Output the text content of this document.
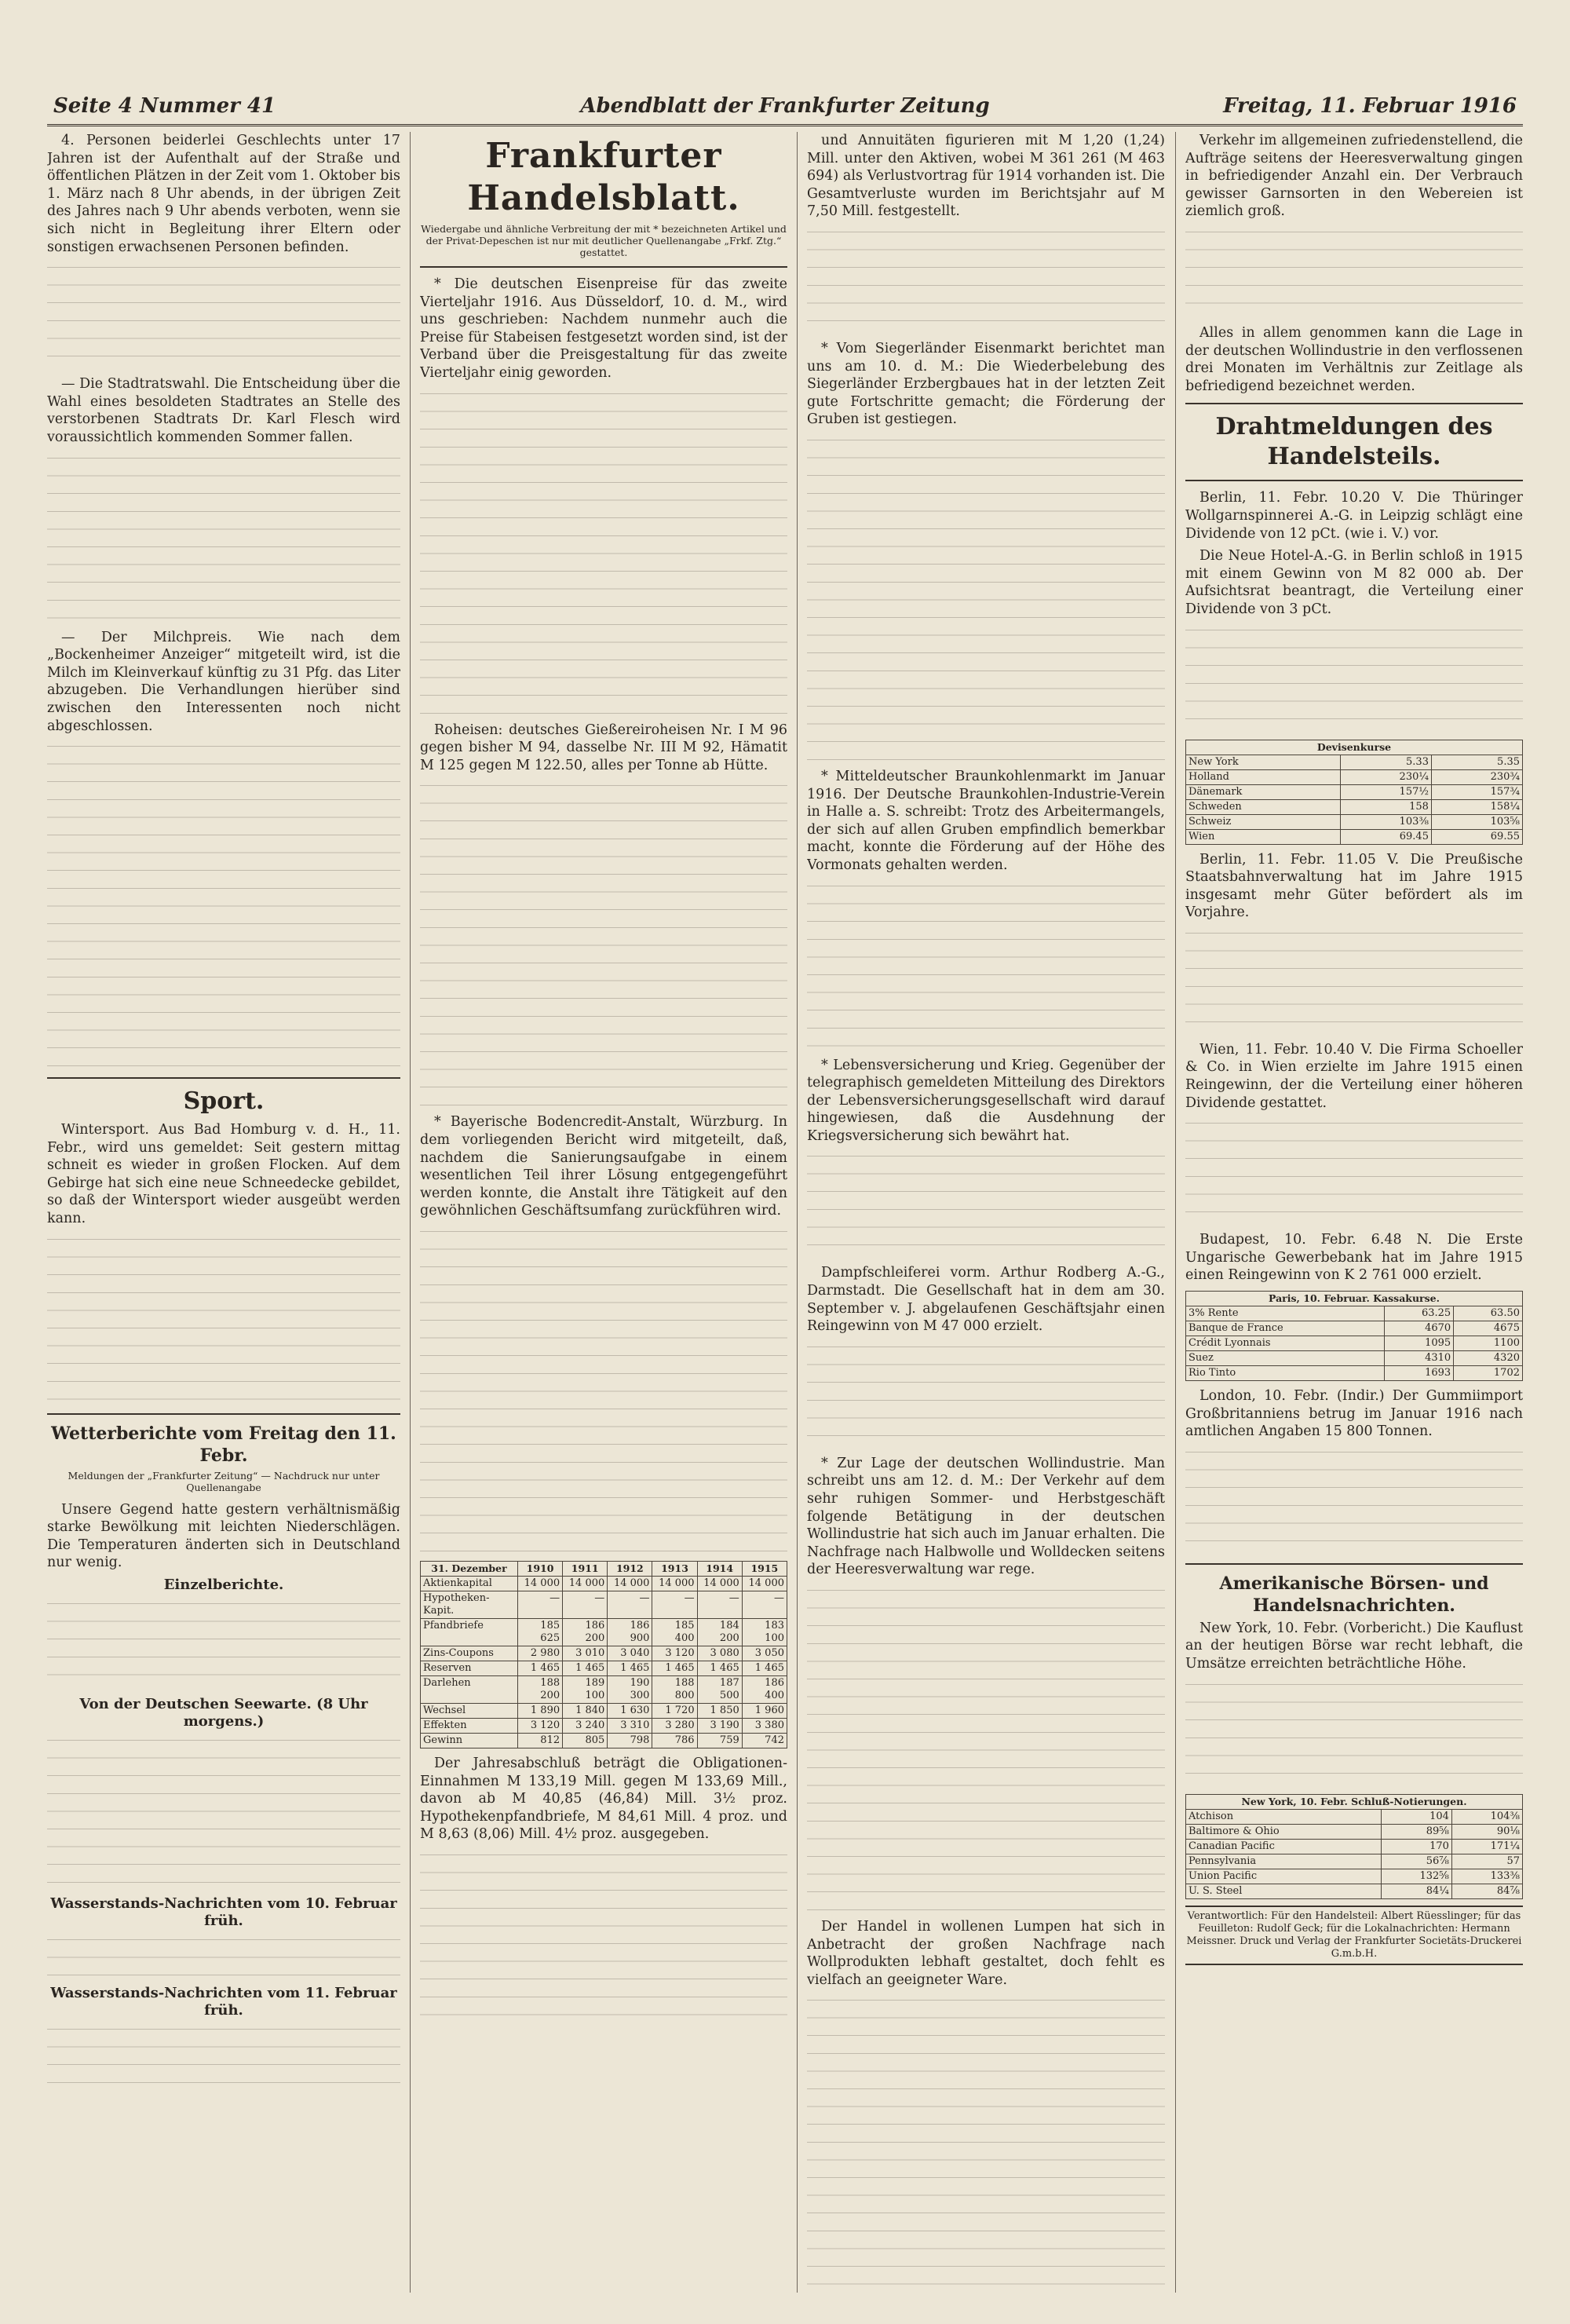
Seite 4 Nummer 41	Abendblatt der Frankfurter Zeitung	Freitag, 11. Februar 1916

4. Personen beiderlei Geschlechts unter 17 Jahren ist der Aufenthalt auf der Straße und öffentlichen Plätzen in der Zeit vom 1. Oktober bis 1. März nach 8 Uhr abends, in der übrigen Zeit des Jahres nach 9 Uhr abends verboten, wenn sie sich nicht in Begleitung ihrer Eltern oder sonstigen erwachsenen Personen befinden.

— Die Stadtratswahl. Die Entscheidung über die Wahl eines besoldeten Stadtrates an Stelle des verstorbenen Stadtrats Dr. Karl Flesch wird voraussichtlich kommenden Sommer fallen.

— Der Milchpreis. Wie nach dem „Bockenheimer Anzeiger“ mitgeteilt wird, ist die Milch im Kleinverkauf künftig zu 31 Pfg. das Liter abzugeben. Die Verhandlungen hierüber sind zwischen den Interessenten noch nicht abgeschlossen.

Sport.

Wintersport. Aus Bad Homburg v. d. H., 11. Febr., wird uns gemeldet: Seit gestern mittag schneit es wieder in großen Flocken. Auf dem Gebirge hat sich eine neue Schneedecke gebildet, so daß der Wintersport wieder ausgeübt werden kann.

Wetterberichte vom Freitag den 11. Febr.
Meldungen der „Frankfurter Zeitung“ — Nachdruck nur unter Quellenangabe

Unsere Gegend hatte gestern verhältnismäßig starke Bewölkung mit leichten Niederschlägen. Die Temperaturen änderten sich in Deutschland nur wenig.

Einzelberichte.
Von der Deutschen Seewarte. (8 Uhr morgens.)
Wasserstands-Nachrichten vom 10. Februar früh.
Wasserstands-Nachrichten vom 11. Februar früh.
Frankfurter Handelsblatt.
Wiedergabe und ähnliche Verbreitung der mit * bezeichneten Artikel und der Privat-Depeschen ist nur mit deutlicher Quellenangabe „Frkf. Ztg.“ gestattet.

* Die deutschen Eisenpreise für das zweite Vierteljahr 1916. Aus Düsseldorf, 10. d. M., wird uns geschrieben: Nachdem nunmehr auch die Preise für Stabeisen festgesetzt worden sind, ist der Verband über die Preisgestaltung für das zweite Vierteljahr einig geworden.

Roheisen: deutsches Gießereiroheisen Nr. I M 96 gegen bisher M 94, dasselbe Nr. III M 92, Hämatit M 125 gegen M 122.50, alles per Tonne ab Hütte.

* Bayerische Bodencredit-Anstalt, Würzburg. In dem vorliegenden Bericht wird mitgeteilt, daß, nachdem die Sanierungsaufgabe in einem wesentlichen Teil ihrer Lösung entgegengeführt werden konnte, die Anstalt ihre Tätigkeit auf den gewöhnlichen Geschäftsumfang zurückführen wird.

31. Dezember	1910	1911	1912	1913	1914	1915
Aktienkapital	14 000	14 000	14 000	14 000	14 000	14 000
Hypotheken-Kapit.	—	—	—	—	—	—
Pfandbriefe	185 625	186 200	186 900	185 400	184 200	183 100
Zins-Coupons	2 980	3 010	3 040	3 120	3 080	3 050
Reserven	1 465	1 465	1 465	1 465	1 465	1 465
Darlehen	188 200	189 100	190 300	188 800	187 500	186 400
Wechsel	1 890	1 840	1 630	1 720	1 850	1 960
Effekten	3 120	3 240	3 310	3 280	3 190	3 380
Gewinn	812	805	798	786	759	742

Der Jahresabschluß beträgt die Obligationen-Einnahmen M 133,19 Mill. gegen M 133,69 Mill., davon ab M 40,85 (46,84) Mill. 3½ proz. Hypothekenpfandbriefe, M 84,61 Mill. 4 proz. und M 8,63 (8,06) Mill. 4½ proz. ausgegeben.

und Annuitäten figurieren mit M 1,20 (1,24) Mill. unter den Aktiven, wobei M 361 261 (M 463 694) als Verlustvortrag für 1914 vorhanden ist. Die Gesamtverluste wurden im Berichtsjahr auf M 7,50 Mill. festgestellt.

* Vom Siegerländer Eisenmarkt berichtet man uns am 10. d. M.: Die Wiederbelebung des Siegerländer Erzbergbaues hat in der letzten Zeit gute Fortschritte gemacht; die Förderung der Gruben ist gestiegen.

* Mitteldeutscher Braunkohlenmarkt im Januar 1916. Der Deutsche Braunkohlen-Industrie-Verein in Halle a. S. schreibt: Trotz des Arbeitermangels, der sich auf allen Gruben empfindlich bemerkbar macht, konnte die Förderung auf der Höhe des Vormonats gehalten werden.

* Lebensversicherung und Krieg. Gegenüber der telegraphisch gemeldeten Mitteilung des Direktors der Lebensversicherungsgesellschaft wird darauf hingewiesen, daß die Ausdehnung der Kriegsversicherung sich bewährt hat.

Dampfschleiferei vorm. Arthur Rodberg A.-G., Darmstadt. Die Gesellschaft hat in dem am 30. September v. J. abgelaufenen Geschäftsjahr einen Reingewinn von M 47 000 erzielt.

* Zur Lage der deutschen Wollindustrie. Man schreibt uns am 12. d. M.: Der Verkehr auf dem sehr ruhigen Sommer- und Herbstgeschäft folgende Betätigung in der deutschen Wollindustrie hat sich auch im Januar erhalten. Die Nachfrage nach Halbwolle und Wolldecken seitens der Heeresverwaltung war rege.

Der Handel in wollenen Lumpen hat sich in Anbetracht der großen Nachfrage nach Wollprodukten lebhaft gestaltet, doch fehlt es vielfach an geeigneter Ware.

Verkehr im allgemeinen zufriedenstellend, die Aufträge seitens der Heeresverwaltung gingen in befriedigender Anzahl ein. Der Verbrauch gewisser Garnsorten in den Webereien ist ziemlich groß.

Alles in allem genommen kann die Lage in der deutschen Wollindustrie in den verflossenen drei Monaten im Verhältnis zur Zeitlage als befriedigend bezeichnet werden.

Drahtmeldungen des Handelsteils.

Berlin, 11. Febr. 10.20 V. Die Thüringer Wollgarnspinnerei A.-G. in Leipzig schlägt eine Dividende von 12 pCt. (wie i. V.) vor.

Die Neue Hotel-A.-G. in Berlin schloß in 1915 mit einem Gewinn von M 82 000 ab. Der Aufsichtsrat beantragt, die Verteilung einer Dividende von 3 pCt.

Devisenkurse		
New York	5.33	5.35
Holland	230¼	230¾
Dänemark	157½	157¾
Schweden	158	158¼
Schweiz	103⅜	103⅝
Wien	69.45	69.55

Berlin, 11. Febr. 11.05 V. Die Preußische Staatsbahnverwaltung hat im Jahre 1915 insgesamt mehr Güter befördert als im Vorjahre.

Wien, 11. Febr. 10.40 V. Die Firma Schoeller & Co. in Wien erzielte im Jahre 1915 einen Reingewinn, der die Verteilung einer höheren Dividende gestattet.

Budapest, 10. Febr. 6.48 N. Die Erste Ungarische Gewerbebank hat im Jahre 1915 einen Reingewinn von K 2 761 000 erzielt.

Paris, 10. Februar. Kassakurse.		
3% Rente	63.25	63.50
Banque de France	4670	4675
Crédit Lyonnais	1095	1100
Suez	4310	4320
Rio Tinto	1693	1702

London, 10. Febr. (Indir.) Der Gummiimport Großbritanniens betrug im Januar 1916 nach amtlichen Angaben 15 800 Tonnen.

Amerikanische Börsen- und Handelsnachrichten.

New York, 10. Febr. (Vorbericht.) Die Kauflust an der heutigen Börse war recht lebhaft, die Umsätze erreichten beträchtliche Höhe.

New York, 10. Febr. Schluß-Notierungen.		
Atchison	104	104⅜
Baltimore & Ohio	89⅝	90⅛
Canadian Pacific	170	171¼
Pennsylvania	56⅞	57
Union Pacific	132⅝	133⅜
U. S. Steel	84¼	84⅞
Verantwortlich: Für den Handelsteil: Albert Rüesslinger; für das Feuilleton: Rudolf Geck; für die Lokalnachrichten: Hermann Meissner. Druck und Verlag der Frankfurter Societäts-Druckerei G.m.b.H.
